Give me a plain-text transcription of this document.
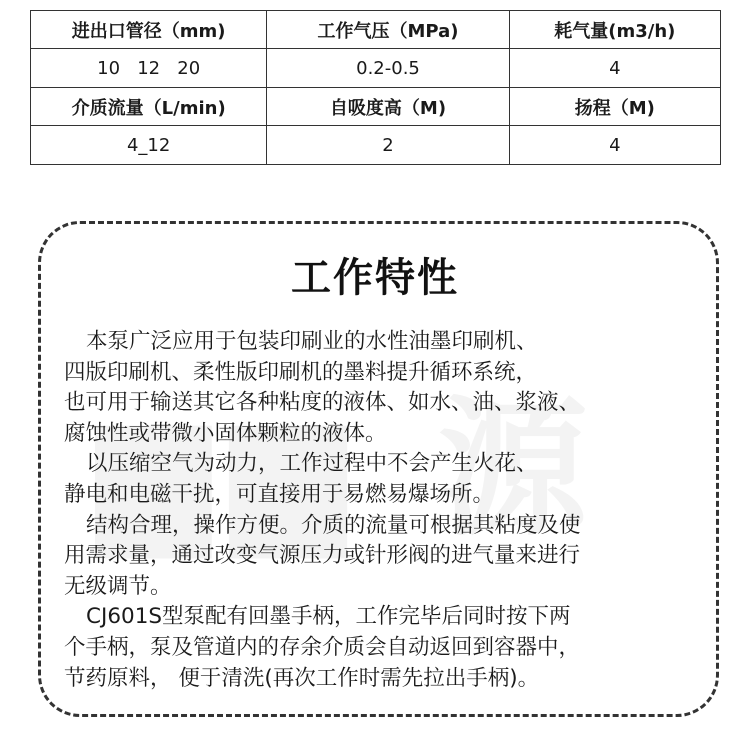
进出口管径（mm)	工作气压（MPa)	耗气量(m3/h)
10   12   20	0.2-0.5	4
介质流量（L/min)	自吸度高（M)	扬程（M)
4_12	2	4
工作特性
本泵广泛应用于包装印刷业的水性油墨印刷机、
四版印刷机、柔性版印刷机的墨料提升循环系统，
也可用于输送其它各种粘度的液体、如水、油、浆液、
腐蚀性或带微小固体颗粒的液体。
以压缩空气为动力，工作过程中不会产生火花、
静电和电磁干扰，可直接用于易燃易爆场所。
结构合理，操作方便。介质的流量可根据其粘度及使
用需求量，通过改变气源压力或针形阀的进气量来进行
无级调节。
CJ601S型泵配有回墨手柄，工作完毕后同时按下两
个手柄，泵及管道内的存余介质会自动返回到容器中，
节药原料， 便于清洗(再次工作时需先拉出手柄)。
